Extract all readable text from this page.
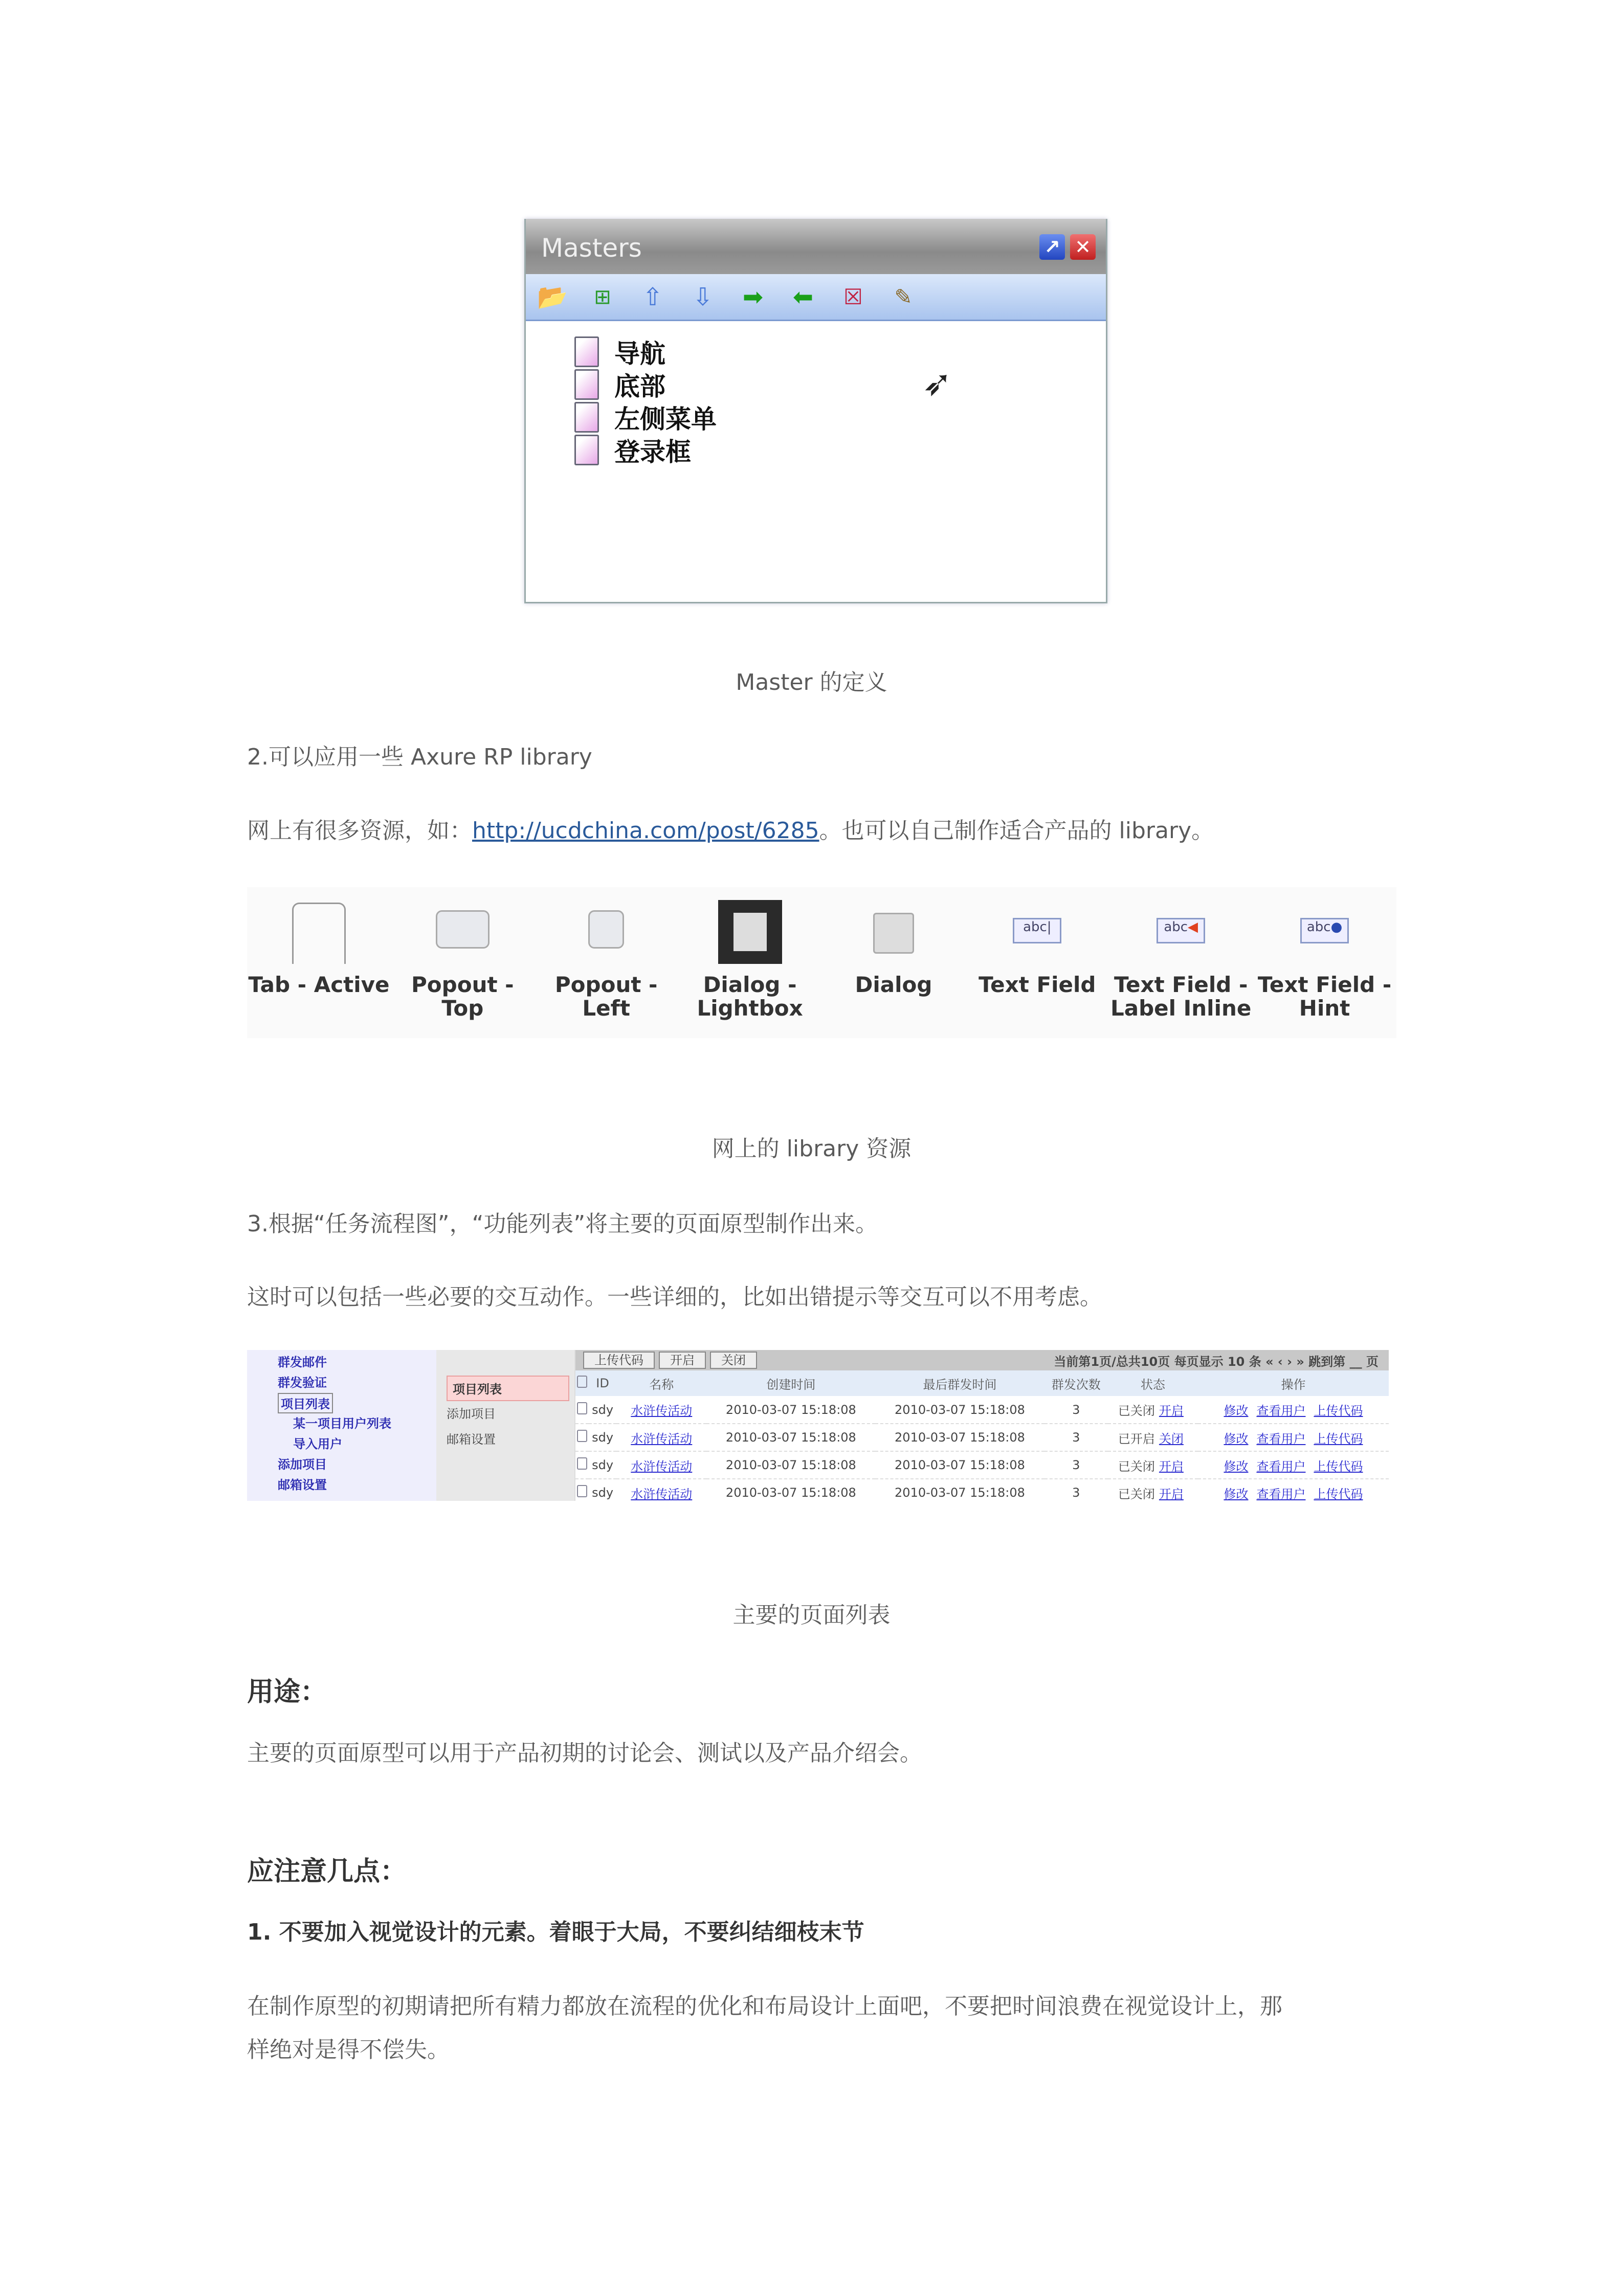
Masters	↗ ✕
📂	⊞	⇧ ⇩ ➡ ⬅	☒	✎
导航
底部
左侧菜单
登录框
➶
Master 的定义
2.可以应用一些 Axure RP library
网上有很多资源，如：http://ucdchina.com/post/6285。也可以自己制作适合产品的 library。
Tab - Active	Popout - Top
Popout - Left
Dialog -
Lightbox
Dialog
abc|
Text Field
abc◀
Text Field -
Label Inline
abc●
Text Field -
Hint
网上的 library 资源
3.根据“任务流程图”，“功能列表”将主要的页面原型制作出来。
这时可以包括一些必要的交互动作。一些详细的，比如出错提示等交互可以不用考虑。
群发邮件
群发验证
项目列表
某一项目用户列表
导入用户
添加项目
邮箱设置
项目列表
添加项目
邮箱设置
上传代码	开启	关闭	当前第1页/总共10页 每页显示 10 条 « ‹ › » 跳到第 __ 页
	ID	名称	创建时间	最后群发时间	群发次数	状态	操作
	sdy	水浒传活动	2010-03-07 15:18:08	2010-03-07 15:18:08	3	已关闭 开启	修改 查看用户 上传代码
	sdy	水浒传活动	2010-03-07 15:18:08	2010-03-07 15:18:08	3	已开启 关闭	修改 查看用户 上传代码
	sdy	水浒传活动	2010-03-07 15:18:08	2010-03-07 15:18:08	3	已关闭 开启	修改 查看用户 上传代码
	sdy	水浒传活动	2010-03-07 15:18:08	2010-03-07 15:18:08	3	已关闭 开启	修改 查看用户 上传代码
主要的页面列表
用途：
主要的页面原型可以用于产品初期的讨论会、测试以及产品介绍会。
应注意几点：
1. 不要加入视觉设计的元素。着眼于大局，不要纠结细枝末节
在制作原型的初期请把所有精力都放在流程的优化和布局设计上面吧，不要把时间浪费在视觉设计上，那
样绝对是得不偿失。
